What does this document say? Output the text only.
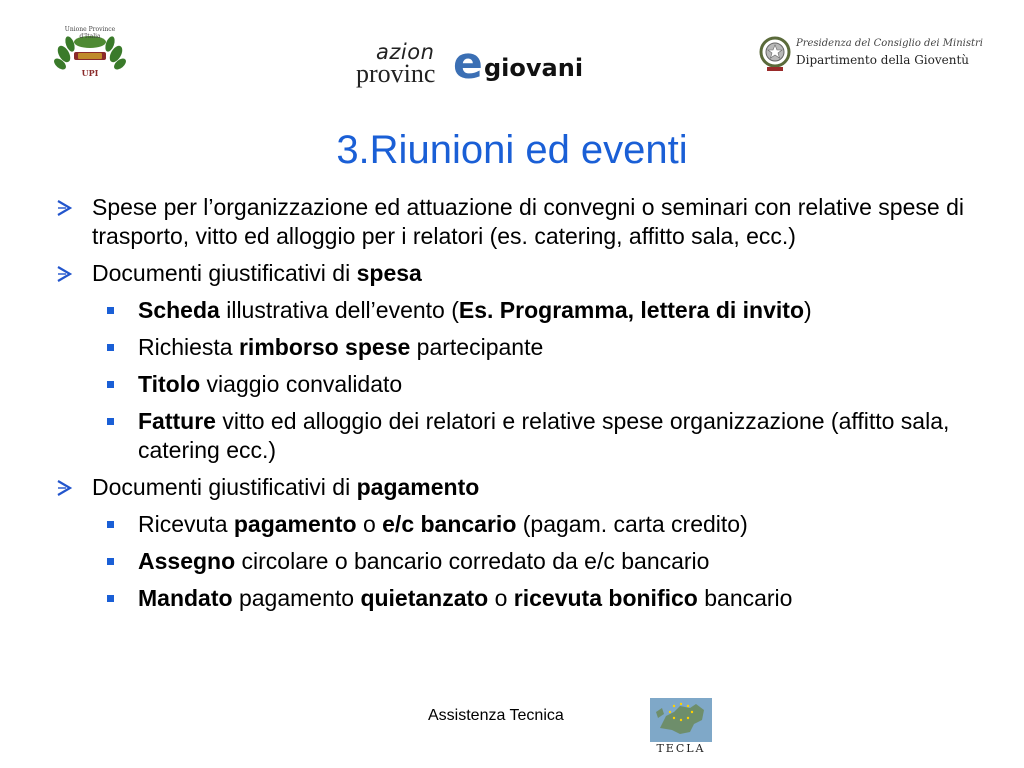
Unione Province d'Italia
UPI
azion
provinc e giovani
Presidenza del Consiglio dei Ministri
Dipartimento della Gioventù
3.Riunioni ed eventi
Spese per l’organizzazione ed attuazione di convegni o seminari con relative spese di trasporto, vitto ed alloggio per i relatori (es. catering, affitto sala, ecc.)
Documenti giustificativi di spesa
Scheda illustrativa dell’evento (Es. Programma, lettera di invito)
Richiesta rimborso spese partecipante
Titolo viaggio convalidato
Fatture vitto ed alloggio dei relatori e relative spese organizzazione (affitto sala, catering ecc.)
Documenti giustificativi di pagamento
Ricevuta pagamento o e/c bancario (pagam. carta credito)
Assegno circolare o bancario corredato da e/c bancario
Mandato pagamento quietanzato o ricevuta bonifico bancario
Assistenza Tecnica
TECLA
